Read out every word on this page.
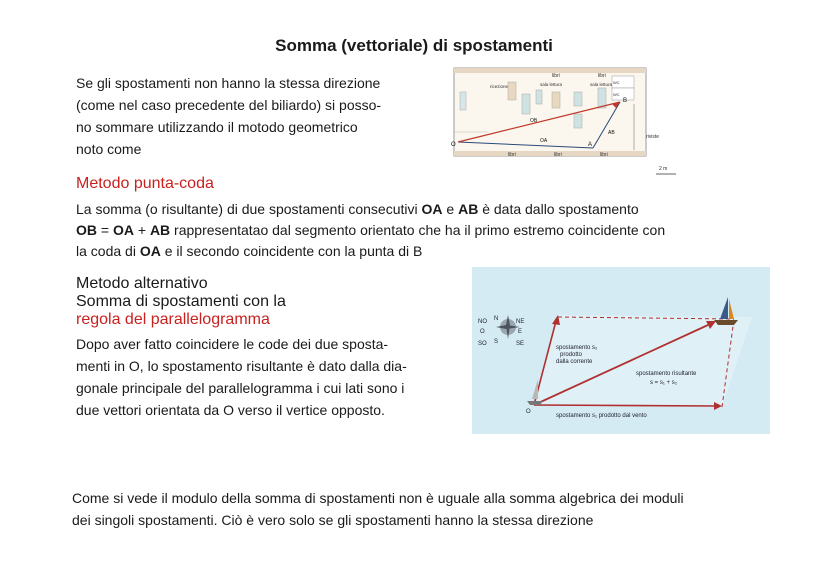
Somma (vettoriale) di spostamenti
Se gli spostamenti non hanno la stessa direzione
(come nel caso precedente del biliardo) si posso-
no sommare utilizzando il motodo geometrico
noto come
libri	libri
ricezione	sala lettura	sala lettura WC
WC
riviste
libri	libri	libri
O	A
B
OB
OA
AB
2 m
Metodo punta-coda
La somma (o risultante) di due spostamenti consecutivi OA e AB è data dallo spostamento
OB = OA + AB rappresentatao dal segmento orientato che ha il primo estremo coincidente con
la coda di OA e il secondo coincidente con la punta di B
Metodo alternativo
Somma di spostamenti con la
regola del parallelogramma
Dopo aver fatto coincidere le code dei due sposta-
menti in O, lo spostamento risultante è dato dalla dia-
gonale principale del parallelogramma i cui lati sono i
due vettori orientata da O verso il vertice opposto.
NO N	NE
O	E
SO S	SE
spostamento s₂
prodotto
dalla corrente
spostamento risultante
s = s₁ + s₂
spostamento s₁ prodotto dal vento
O
Come si vede il modulo della somma di spostamenti non è uguale alla somma algebrica dei moduli
dei singoli spostamenti. Ciò è vero solo se gli spostamenti hanno la stessa direzione
